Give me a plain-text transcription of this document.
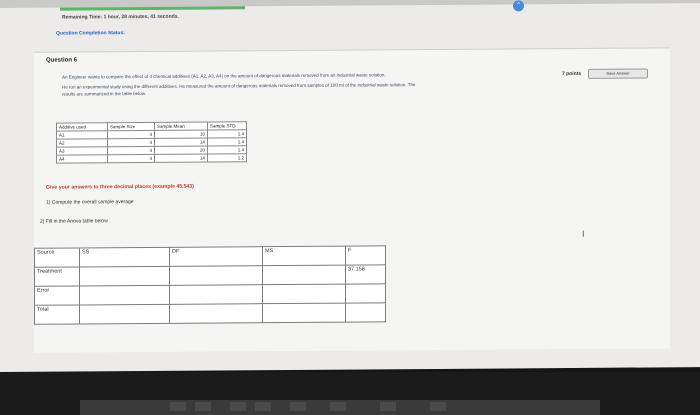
Remaining Time: 1 hour, 28 minutes, 41 seconds.
Question Completion Status:
⌃
Question 6
7 points	Save Answer
An Engineer wants to compare the effect of 4 chemical additives (A1, A2, A3, A4) on the amount of dangerous materials removed from an industrial waste solution.
He run an experimental study using the different additives. He measured the amount of dangerous materials removed from samples of 100 ml of the industrial waste solution. The
results are summarized in the table below.
Additive used	Sample Size	Sample Mean	Sample STD
A1	4	10	1.4
A2	4	14	1.4
A3	4	20	1.4
A4	4	14	1.2
Give your answers to three decimal places (example 45.543)
1) Compute the overall sample average
2) Fill in the Anova table below
Source	SS	DF	MS	F
Treatment				37.158
Error				
Total				
I
